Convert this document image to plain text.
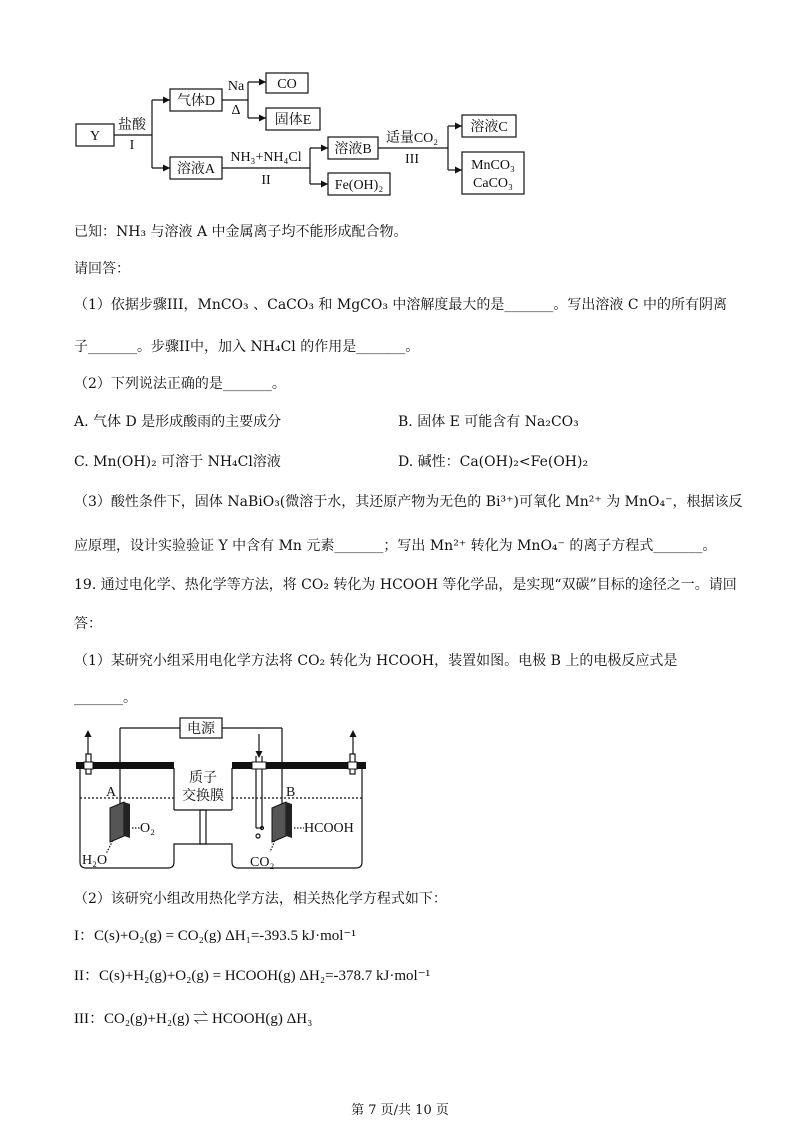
Y
盐酸
I
气体D
Na
Δ
CO
固体E
溶液A
NH₃+NH₄Cl
II
溶液B
Fe(OH)₂
适量CO₂
III
溶液C
MnCO₃
CaCO₃
已知：NH₃ 与溶液 A 中金属离子均不能形成配合物。
请回答：
（1）依据步骤III，MnCO₃ 、CaCO₃ 和 MgCO₃ 中溶解度最大的是_______。写出溶液 C 中的所有阴离
子_______。步骤II中，加入 NH₄Cl 的作用是_______。
（2）下列说法正确的是_______。
A. 气体 D 是形成酸雨的主要成分	B. 固体 E 可能含有 Na₂CO₃
C. Mn(OH)₂ 可溶于 NH₄Cl溶液	D. 碱性：Ca(OH)₂<Fe(OH)₂
（3）酸性条件下，固体 NaBiO₃(微溶于水，其还原产物为无色的 Bi³⁺)可氧化 Mn²⁺ 为 MnO₄⁻，根据该反
应原理，设计实验验证 Y 中含有 Mn 元素_______；写出 Mn²⁺ 转化为 MnO₄⁻ 的离子方程式_______。
19. 通过电化学、热化学等方法，将 CO₂ 转化为 HCOOH 等化学品，是实现“双碳”目标的途径之一。请回
答：
（1）某研究小组采用电化学方法将 CO₂ 转化为 HCOOH，装置如图。电极 B 上的电极反应式是
_______。
电源
质子
交换膜
A	B
O₂
H₂O
HCOOH
CO₂
（2）该研究小组改用热化学方法，相关热化学方程式如下：
I：C(s)+O₂(g) = CO₂(g) ΔH₁=-393.5 kJ·mol⁻¹
II：C(s)+H₂(g)+O₂(g) = HCOOH(g) ΔH₂=-378.7 kJ·mol⁻¹
III：CO₂(g)+H₂(g) ⇌ HCOOH(g) ΔH₃
第 7 页/共 10 页
